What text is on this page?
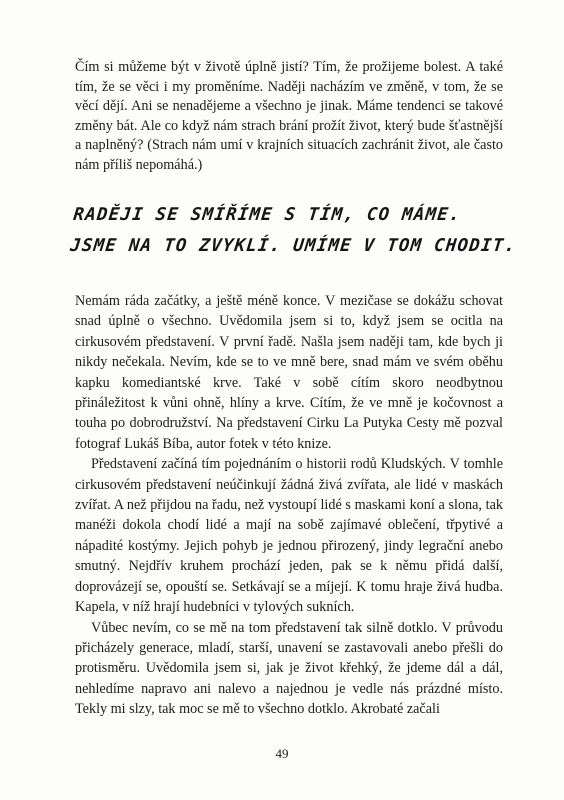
Čím si můžeme být v životě úplně jistí? Tím, že prožijeme bolest. A také tím, že se věci i my proměníme. Naději nacházím ve změně, v tom, že se věcí dějí. Ani se nenadějeme a všechno je jinak. Máme tendenci se takové změny bát. Ale co když nám strach brání prožít život, který bude šťastnější a naplněný? (Strach nám umí v krajních situacích zachránit život, ale často nám příliš nepomáhá.)

RADĚJI SE SMÍŘÍME S TÍM, CO MÁME.
JSME NA TO ZVYKLÍ. UMÍME V TOM CHODIT.

Nemám ráda začátky, a ještě méně konce. V mezičase se dokážu schovat snad úplně o všechno. Uvědomila jsem si to, když jsem se ocitla na cirkusovém představení. V první řadě. Našla jsem naději tam, kde bych ji nikdy nečekala. Nevím, kde se to ve mně bere, snad mám ve svém oběhu kapku komediantské krve. Také v sobě cítím skoro neodbytnou přináležitost k vůni ohně, hlíny a krve. Cítím, že ve mně je kočovnost a touha po dobrodružství. Na představení Cirku La Putyka Cesty mě pozval fotograf Lukáš Bíba, autor fotek v této knize.

Představení začíná tím pojednáním o historii rodů Kludských. V tomhle cirkusovém představení neúčinkují žádná živá zvířata, ale lidé v maskách zvířat. A než přijdou na řadu, než vystoupí lidé s maskami koní a slona, tak manéži dokola chodí lidé a mají na sobě zajímavé oblečení, třpytivé a nápadité kostýmy. Jejich pohyb je jednou přirozený, jindy legrační anebo smutný. Nejdřív kruhem prochází jeden, pak se k němu přidá další, doprovázejí se, opouští se. Setkávají se a míjejí. K tomu hraje živá hudba. Kapela, v níž hrají hudebníci v tylových sukních.

Vůbec nevím, co se mě na tom představení tak silně dotklo. V průvodu přicházely generace, mladí, starší, unavení se zastavovali anebo přešli do protisměru. Uvědomila jsem si, jak je život křehký, že jdeme dál a dál, nehledíme napravo ani nalevo a najednou je vedle nás prázdné místo. Tekly mi slzy, tak moc se mě to všechno dotklo. Akrobaté začali

49
